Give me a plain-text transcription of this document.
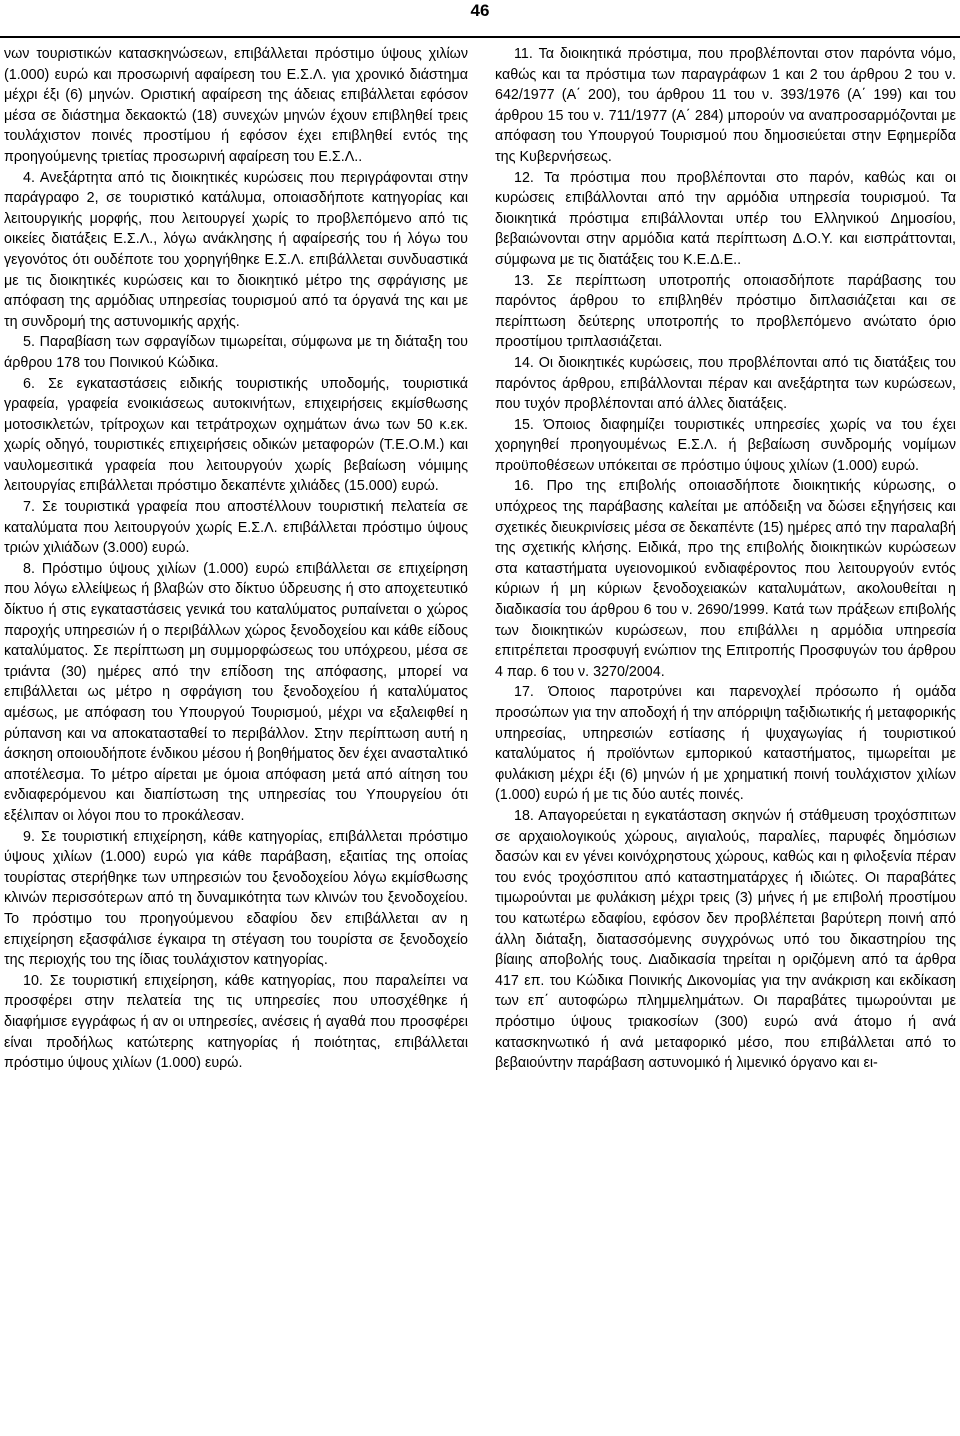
46

νων τουριστικών κατασκηνώσεων, επιβάλλεται πρόστιμο ύψους χιλίων (1.000) ευρώ και προσωρινή αφαίρεση του Ε.Σ.Λ. για χρονικό διάστημα μέχρι έξι (6) μηνών. Οριστική αφαίρεση της άδειας επιβάλλεται εφόσον μέσα σε διάστημα δεκαοκτώ (18) συνεχών μηνών έχουν επιβληθεί τρεις τουλάχιστον ποινές προστίμου ή εφόσον έχει επιβληθεί εντός της προηγούμενης τριετίας προσωρινή αφαίρεση του Ε.Σ.Λ..

4. Ανεξάρτητα από τις διοικητικές κυρώσεις που περιγράφονται στην παράγραφο 2, σε τουριστικό κατάλυμα, οποιασδήποτε κατηγορίας και λειτουργικής μορφής, που λειτουργεί χωρίς το προβλεπόμενο από τις οικείες διατάξεις Ε.Σ.Λ., λόγω ανάκλησης ή αφαίρεσής του ή λόγω του γεγονότος ότι ουδέποτε του χορηγήθηκε Ε.Σ.Λ. επιβάλλεται συνδυαστικά με τις διοικητικές κυρώσεις και το διοικητικό μέτρο της σφράγισης με απόφαση της αρμόδιας υπηρεσίας τουρισμού από τα όργανά της και με τη συνδρομή της αστυνομικής αρχής.

5. Παραβίαση των σφραγίδων τιμωρείται, σύμφωνα με τη διάταξη του άρθρου 178 του Ποινικού Κώδικα.

6. Σε εγκαταστάσεις ειδικής τουριστικής υποδομής, τουριστικά γραφεία, γραφεία ενοικιάσεως αυτοκινήτων, επιχειρήσεις εκμίσθωσης μοτοσικλετών, τρίτροχων και τετράτροχων οχημάτων άνω των 50 κ.εκ. χωρίς οδηγό, τουριστικές επιχειρήσεις οδικών μεταφορών (Τ.Ε.Ο.Μ.) και ναυλομεσιτικά γραφεία που λειτουργούν χωρίς βεβαίωση νόμιμης λειτουργίας επιβάλλεται πρόστιμο δεκαπέντε χιλιάδες (15.000) ευρώ.

7. Σε τουριστικά γραφεία που αποστέλλουν τουριστική πελατεία σε καταλύματα που λειτουργούν χωρίς Ε.Σ.Λ. επιβάλλεται πρόστιμο ύψους τριών χιλιάδων (3.000) ευρώ.

8. Πρόστιμο ύψους χιλίων (1.000) ευρώ επιβάλλεται σε επιχείρηση που λόγω ελλείψεως ή βλαβών στο δίκτυο ύδρευσης ή στο αποχετευτικό δίκτυο ή στις εγκαταστάσεις γενικά του καταλύματος ρυπαίνεται ο χώρος παροχής υπηρεσιών ή ο περιβάλλων χώρος ξενοδοχείου και κάθε είδους καταλύματος. Σε περίπτωση μη συμμορφώσεως του υπόχρεου, μέσα σε τριάντα (30) ημέρες από την επίδοση της απόφασης, μπορεί να επιβάλλεται ως μέτρο η σφράγιση του ξενοδοχείου ή καταλύματος αμέσως, με απόφαση του Υπουργού Τουρισμού, μέχρι να εξαλειφθεί η ρύπανση και να αποκατασταθεί το περιβάλλον. Στην περίπτωση αυτή η άσκηση οποιουδήποτε ένδικου μέσου ή βοηθήματος δεν έχει ανασταλτικό αποτέλεσμα. Το μέτρο αίρεται με όμοια απόφαση μετά από αίτηση του ενδιαφερόμενου και διαπίστωση της υπηρεσίας του Υπουργείου ότι εξέλιπαν οι λόγοι που το προκάλεσαν.

9. Σε τουριστική επιχείρηση, κάθε κατηγορίας, επιβάλλεται πρόστιμο ύψους χιλίων (1.000) ευρώ για κάθε παράβαση, εξαιτίας της οποίας τουρίστας στερήθηκε των υπηρεσιών του ξενοδοχείου λόγω εκμίσθωσης κλινών περισσότερων από τη δυναμικότητα των κλινών του ξενοδοχείου. Το πρόστιμο του προηγούμενου εδαφίου δεν επιβάλλεται αν η επιχείρηση εξασφάλισε έγκαιρα τη στέγαση του τουρίστα σε ξενοδοχείο της περιοχής του της ίδιας τουλάχιστον κατηγορίας.

10. Σε τουριστική επιχείρηση, κάθε κατηγορίας, που παραλείπει να προσφέρει στην πελατεία της τις υπηρεσίες που υποσχέθηκε ή διαφήμισε εγγράφως ή αν οι υπηρεσίες, ανέσεις ή αγαθά που προσφέρει είναι προδήλως κατώτερης κατηγορίας ή ποιότητας, επιβάλλεται πρόστιμο ύψους χιλίων (1.000) ευρώ.

11. Τα διοικητικά πρόστιμα, που προβλέπονται στον παρόντα νόμο, καθώς και τα πρόστιμα των παραγράφων 1 και 2 του άρθρου 2 του ν. 642/1977 (Α΄ 200), του άρθρου 11 του ν. 393/1976 (Α΄ 199) και του άρθρου 15 του ν. 711/1977 (Α΄ 284) μπορούν να αναπροσαρμόζονται με απόφαση του Υπουργού Τουρισμού που δημοσιεύεται στην Εφημερίδα της Κυβερνήσεως.

12. Τα πρόστιμα που προβλέπονται στο παρόν, καθώς και οι κυρώσεις επιβάλλονται από την αρμόδια υπηρεσία τουρισμού. Τα διοικητικά πρόστιμα επιβάλλονται υπέρ του Ελληνικού Δημοσίου, βεβαιώνονται στην αρμόδια κατά περίπτωση Δ.Ο.Υ. και εισπράττονται, σύμφωνα με τις διατάξεις του Κ.Ε.Δ.Ε..

13. Σε περίπτωση υποτροπής οποιασδήποτε παράβασης του παρόντος άρθρου το επιβληθέν πρόστιμο διπλασιάζεται και σε περίπτωση δεύτερης υποτροπής το προβλεπόμενο ανώτατο όριο προστίμου τριπλασιάζεται.

14. Οι διοικητικές κυρώσεις, που προβλέπονται από τις διατάξεις του παρόντος άρθρου, επιβάλλονται πέραν και ανεξάρτητα των κυρώσεων, που τυχόν προβλέπονται από άλλες διατάξεις.

15. Όποιος διαφημίζει τουριστικές υπηρεσίες χωρίς να του έχει χορηγηθεί προηγουμένως Ε.Σ.Λ. ή βεβαίωση συνδρομής νομίμων προϋποθέσεων υπόκειται σε πρόστιμο ύψους χιλίων (1.000) ευρώ.

16. Προ της επιβολής οποιασδήποτε διοικητικής κύρωσης, ο υπόχρεος της παράβασης καλείται με απόδειξη να δώσει εξηγήσεις και σχετικές διευκρινίσεις μέσα σε δεκαπέντε (15) ημέρες από την παραλαβή της σχετικής κλήσης. Ειδικά, προ της επιβολής διοικητικών κυρώσεων στα καταστήματα υγειονομικού ενδιαφέροντος που λειτουργούν εντός κύριων ή μη κύριων ξενοδοχειακών καταλυμάτων, ακολουθείται η διαδικασία του άρθρου 6 του ν. 2690/1999. Κατά των πράξεων επιβολής των διοικητικών κυρώσεων, που επιβάλλει η αρμόδια υπηρεσία επιτρέπεται προσφυγή ενώπιον της Επιτροπής Προσφυγών του άρθρου 4 παρ. 6 του ν. 3270/2004.

17. Όποιος παροτρύνει και παρενοχλεί πρόσωπο ή ομάδα προσώπων για την αποδοχή ή την απόρριψη ταξιδιωτικής ή μεταφορικής υπηρεσίας, υπηρεσιών εστίασης ή ψυχαγωγίας ή τουριστικού καταλύματος ή προϊόντων εμπορικού καταστήματος, τιμωρείται με φυλάκιση μέχρι έξι (6) μηνών ή με χρηματική ποινή τουλάχιστον χιλίων (1.000) ευρώ ή με τις δύο αυτές ποινές.

18. Απαγορεύεται η εγκατάσταση σκηνών ή στάθμευση τροχόσπιτων σε αρχαιολογικούς χώρους, αιγιαλούς, παραλίες, παρυφές δημόσιων δασών και εν γένει κοινόχρηστους χώρους, καθώς και η φιλοξενία πέραν του ενός τροχόσπιτου από καταστηματάρχες ή ιδιώτες. Οι παραβάτες τιμωρούνται με φυλάκιση μέχρι τρεις (3) μήνες ή με επιβολή προστίμου του κατωτέρω εδαφίου, εφόσον δεν προβλέπεται βαρύτερη ποινή από άλλη διάταξη, διατασσόμενης συγχρόνως υπό του δικαστηρίου της βίαιης αποβολής τους. Διαδικασία τηρείται η οριζόμενη από τα άρθρα 417 επ. του Κώδικα Ποινικής Δικονομίας για την ανάκριση και εκδίκαση των επ΄ αυτοφώρω πλημμελημάτων. Οι παραβάτες τιμωρούνται με πρόστιμο ύψους τριακοσίων (300) ευρώ ανά άτομο ή ανά κατασκηνωτικό ή ανά μεταφορικό μέσο, που επιβάλλεται από το βεβαιούντην παράβαση αστυνομικό ή λιμενικό όργανο και ει-
